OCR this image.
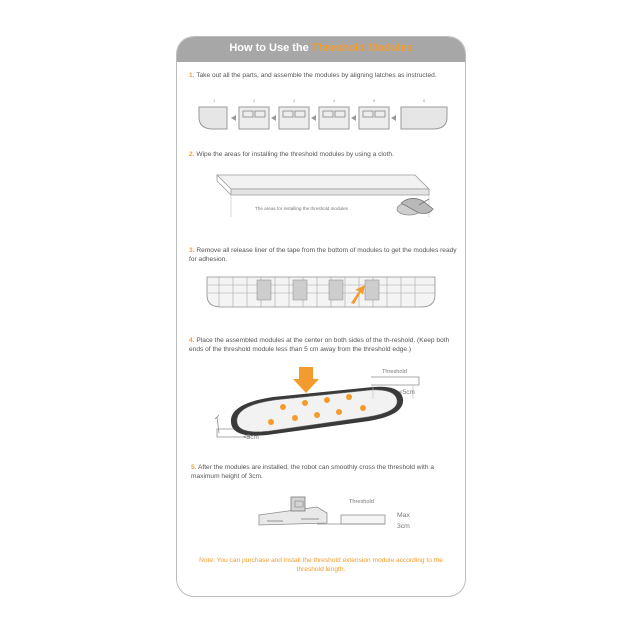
How to Use the Threshold Modules
1. Take out all the parts, and assemble the modules by aligning latches as instructed.
1	2	3	4	5	6
2. Wipe the areas for installing the threshold modules by using a cloth.
The areas for installing the threshold modules
3. Remove all release liner of the tape from the bottom of modules to get the modules ready for adhesion.
4. Place the assembled modules at the center on both sides of the th-reshold. (Keep both ends of the threshold module less than 5 cm away from the threshold edge.)
Threshold
<5cm
<5cm
5. After the modules are installed, the robot can smoothly cross the threshold with a maximum height of 3cm.
Threshold
Max
3cm
Note: You can purchase and install the threshold extension module according to the threshold length.
